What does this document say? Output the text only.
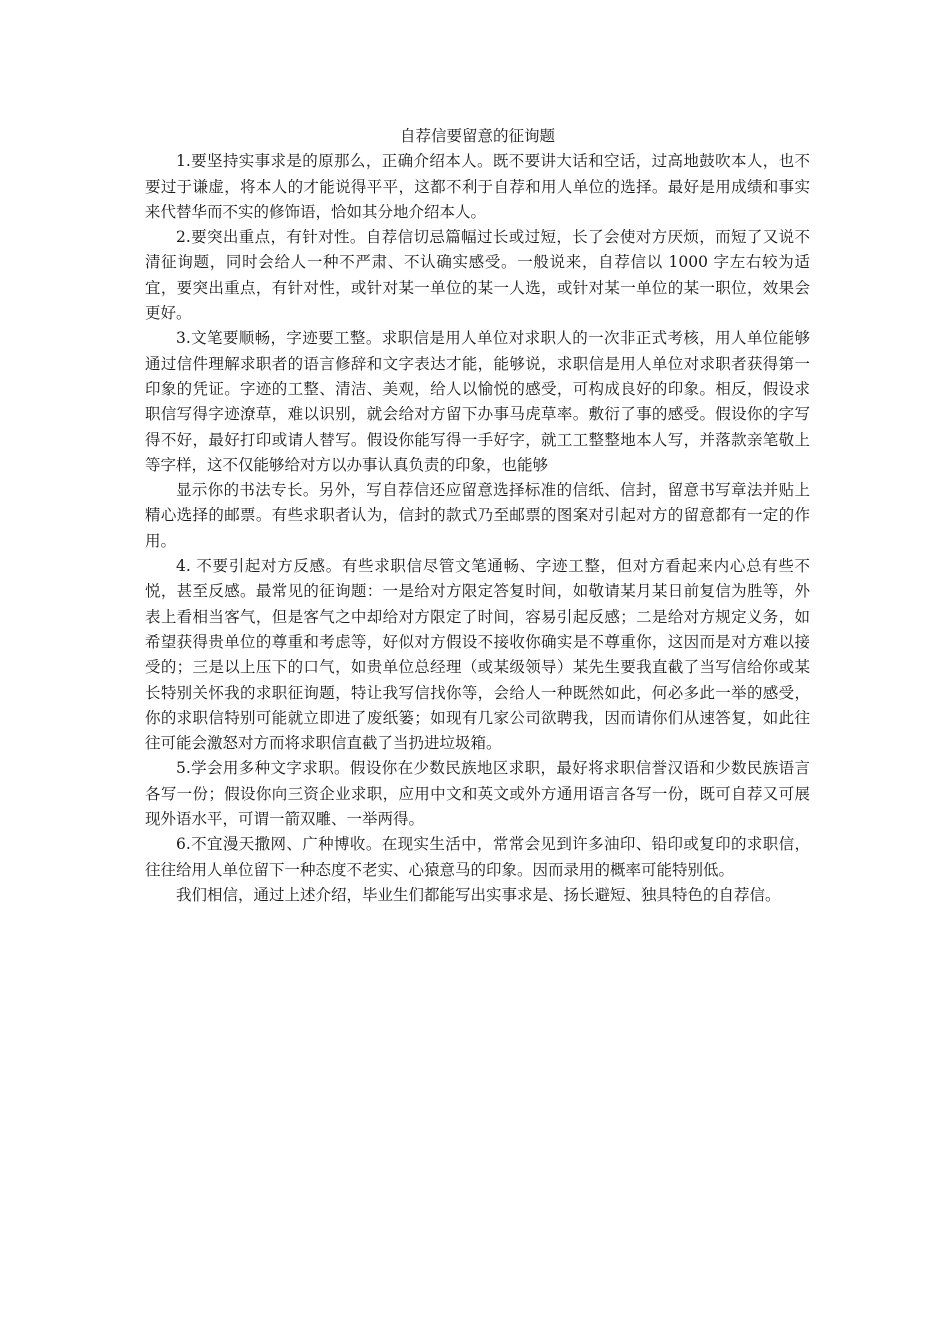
自荐信要留意的征询题

1.要坚持实事求是的原那么，正确介绍本人。既不要讲大话和空话，过高地鼓吹本人，也不要过于谦虚，将本人的才能说得平平，这都不利于自荐和用人单位的选择。最好是用成绩和事实来代替华而不实的修饰语，恰如其分地介绍本人。

2.要突出重点，有针对性。自荐信切忌篇幅过长或过短，长了会使对方厌烦，而短了又说不清征询题，同时会给人一种不严肃、不认确实感受。一般说来，自荐信以 1000 字左右较为适宜，要突出重点，有针对性，或针对某一单位的某一人选，或针对某一单位的某一职位，效果会更好。

3.文笔要顺畅，字迹要工整。求职信是用人单位对求职人的一次非正式考核，用人单位能够通过信件理解求职者的语言修辞和文字表达才能，能够说，求职信是用人单位对求职者获得第一印象的凭证。字迹的工整、清洁、美观，给人以愉悦的感受，可构成良好的印象。相反，假设求职信写得字迹潦草，难以识别，就会给对方留下办事马虎草率。敷衍了事的感受。假设你的字写得不好，最好打印或请人替写。假设你能写得一手好字，就工工整整地本人写，并落款亲笔敬上等字样，这不仅能够给对方以办事认真负责的印象，也能够

显示你的书法专长。另外，写自荐信还应留意选择标准的信纸、信封，留意书写章法并贴上精心选择的邮票。有些求职者认为，信封的款式乃至邮票的图案对引起对方的留意都有一定的作用。

4. 不要引起对方反感。有些求职信尽管文笔通畅、字迹工整，但对方看起来内心总有些不悦，甚至反感。最常见的征询题：一是给对方限定答复时间，如敬请某月某日前复信为胜等，外表上看相当客气，但是客气之中却给对方限定了时间，容易引起反感；二是给对方规定义务，如希望获得贵单位的尊重和考虑等，好似对方假设不接收你确实是不尊重你，这因而是对方难以接受的；三是以上压下的口气，如贵单位总经理（或某级领导）某先生要我直截了当写信给你或某长特别关怀我的求职征询题，特让我写信找你等，会给人一种既然如此，何必多此一举的感受，你的求职信特别可能就立即进了废纸篓；如现有几家公司欲聘我，因而请你们从速答复，如此往往可能会激怒对方而将求职信直截了当扔进垃圾箱。

5.学会用多种文字求职。假设你在少数民族地区求职，最好将求职信誉汉语和少数民族语言各写一份；假设你向三资企业求职，应用中文和英文或外方通用语言各写一份，既可自荐又可展现外语水平，可谓一箭双雕、一举两得。

6.不宜漫天撒网、广种博收。在现实生活中，常常会见到许多油印、铅印或复印的求职信，往往给用人单位留下一种态度不老实、心猿意马的印象。因而录用的概率可能特别低。

我们相信，通过上述介绍，毕业生们都能写出实事求是、扬长避短、独具特色的自荐信。
